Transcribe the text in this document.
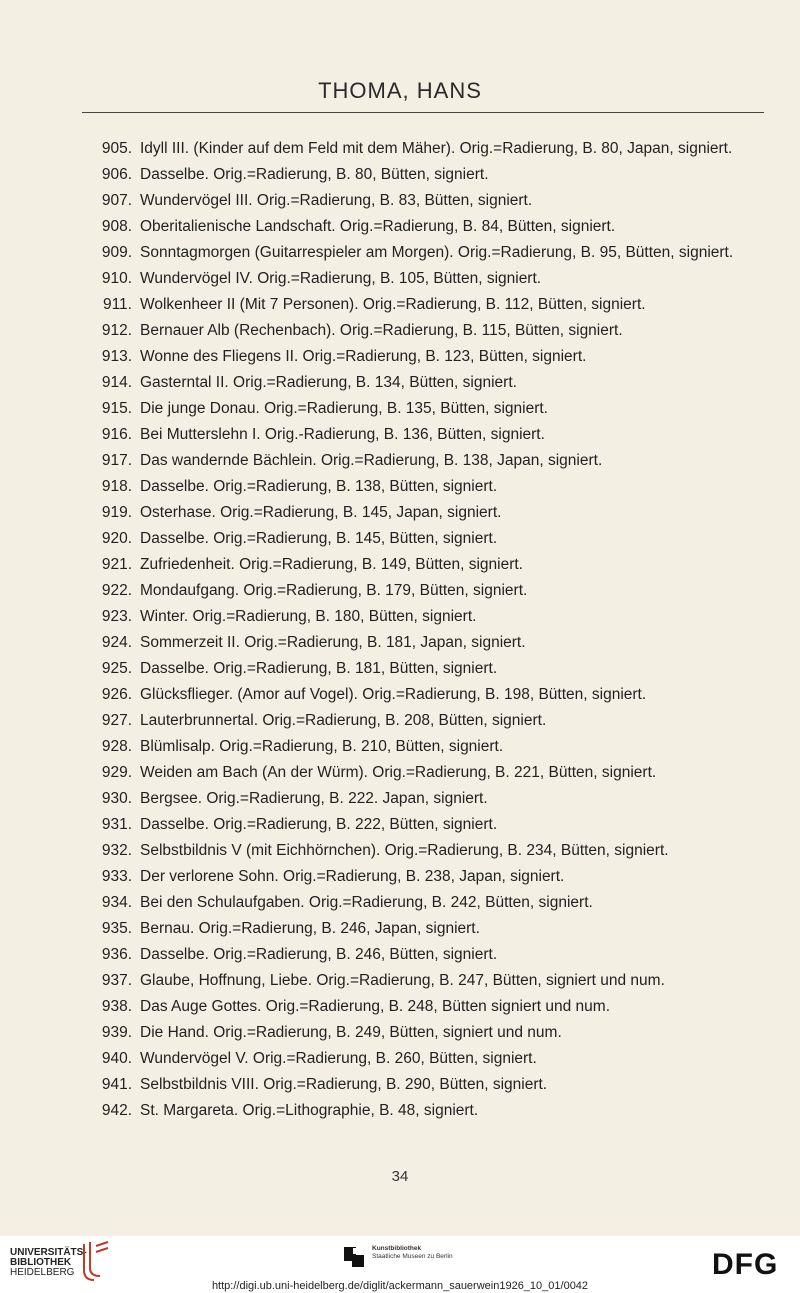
THOMA, HANS
905. Idyll III. (Kinder auf dem Feld mit dem Mäher). Orig.=Radierung, B. 80, Japan, signiert.
906. Dasselbe. Orig.=Radierung, B. 80, Bütten, signiert.
907. Wundervögel III. Orig.=Radierung, B. 83, Bütten, signiert.
908. Oberitalienische Landschaft. Orig.=Radierung, B. 84, Bütten, signiert.
909. Sonntagmorgen (Guitarrespieler am Morgen). Orig.=Radierung, B. 95, Bütten, signiert.
910. Wundervögel IV. Orig.=Radierung, B. 105, Bütten, signiert.
911. Wolkenheer II (Mit 7 Personen). Orig.=Radierung, B. 112, Bütten, signiert.
912. Bernauer Alb (Rechenbach). Orig.=Radierung, B. 115, Bütten, signiert.
913. Wonne des Fliegens II. Orig.=Radierung, B. 123, Bütten, signiert.
914. Gasterntal II. Orig.=Radierung, B. 134, Bütten, signiert.
915. Die junge Donau. Orig.=Radierung, B. 135, Bütten, signiert.
916. Bei Mutterslehn I. Orig.-Radierung, B. 136, Bütten, signiert.
917. Das wandernde Bächlein. Orig.=Radierung, B. 138, Japan, signiert.
918. Dasselbe. Orig.=Radierung, B. 138, Bütten, signiert.
919. Osterhase. Orig.=Radierung, B. 145, Japan, signiert.
920. Dasselbe. Orig.=Radierung, B. 145, Bütten, signiert.
921. Zufriedenheit. Orig.=Radierung, B. 149, Bütten, signiert.
922. Mondaufgang. Orig.=Radierung, B. 179, Bütten, signiert.
923. Winter. Orig.=Radierung, B. 180, Bütten, signiert.
924. Sommerzeit II. Orig.=Radierung, B. 181, Japan, signiert.
925. Dasselbe. Orig.=Radierung, B. 181, Bütten, signiert.
926. Glücksflieger. (Amor auf Vogel). Orig.=Radierung, B. 198, Bütten, signiert.
927. Lauterbrunnertal. Orig.=Radierung, B. 208, Bütten, signiert.
928. Blümlisalp. Orig.=Radierung, B. 210, Bütten, signiert.
929. Weiden am Bach (An der Würm). Orig.=Radierung, B. 221, Bütten, signiert.
930. Bergsee. Orig.=Radierung, B. 222. Japan, signiert.
931. Dasselbe. Orig.=Radierung, B. 222, Bütten, signiert.
932. Selbstbildnis V (mit Eichhörnchen). Orig.=Radierung, B. 234, Bütten, signiert.
933. Der verlorene Sohn. Orig.=Radierung, B. 238, Japan, signiert.
934. Bei den Schulaufgaben. Orig.=Radierung, B. 242, Bütten, signiert.
935. Bernau. Orig.=Radierung, B. 246, Japan, signiert.
936. Dasselbe. Orig.=Radierung, B. 246, Bütten, signiert.
937. Glaube, Hoffnung, Liebe. Orig.=Radierung, B. 247, Bütten, signiert und num.
938. Das Auge Gottes. Orig.=Radierung, B. 248, Bütten signiert und num.
939. Die Hand. Orig.=Radierung, B. 249, Bütten, signiert und num.
940. Wundervögel V. Orig.=Radierung, B. 260, Bütten, signiert.
941. Selbstbildnis VIII. Orig.=Radierung, B. 290, Bütten, signiert.
942. St. Margareta. Orig.=Lithographie, B. 48, signiert.
34
UNIVERSITÄTS-
BIBLIOTHEK
HEIDELBERG
Kunstbibliothek
Staatliche Museen zu Berlin	DFG
http://digi.ub.uni-heidelberg.de/diglit/ackermann_sauerwein1926_10_01/0042
